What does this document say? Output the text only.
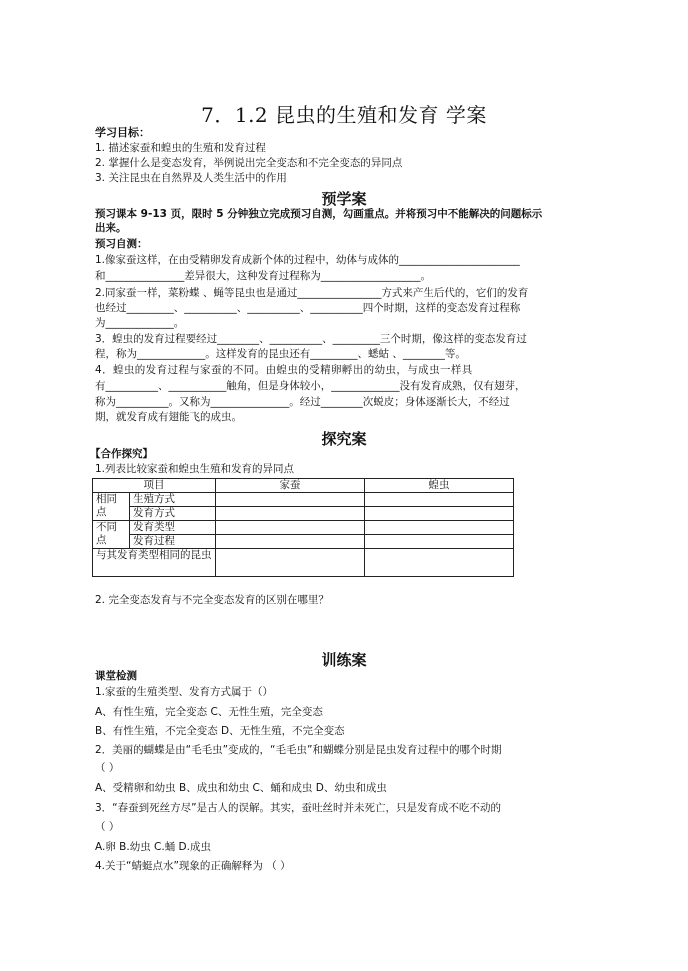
7．1.2 昆虫的生殖和发育 学案
学习目标：
1. 描述家蚕和蝗虫的生殖和发育过程
2. 掌握什么是变态发育，举例说出完全变态和不完全变态的异同点
3. 关注昆虫在自然界及人类生活中的作用
预学案
预习课本 9-13 页，限时 5 分钟独立完成预习自测，勾画重点。并将预习中不能解决的问题标示
出来。
预习自测：
1.像家蚕这样，在由受精卵发育成新个体的过程中，幼体与成体的_______________________
和_______________差异很大，这种发育过程称为___________________。
2.同家蚕一样，菜粉蝶 、蝇等昆虫也是通过________________方式来产生后代的，它们的发育
也经过_________、__________、__________、__________四个时期，这样的变态发育过程称
为_____________。
3．蝗虫的发育过程要经过________、__________、_________三个时期，像这样的变态发育过
程，称为_____________。这样发育的昆虫还有_________、蟋蛄 、________等。
4．蝗虫的发育过程与家蚕的不同。由蝗虫的受精卵孵出的幼虫，与成虫一样具
有__________、___________触角，但是身体较小，_____________没有发育成熟，仅有翅芽，
称为__________。又称为_______________。经过________次蜕皮；身体逐渐长大，不经过
期，就发育成有翅能飞的成虫。
探究案
【合作探究】
1.列表比较家蚕和蝗虫生殖和发育的异同点
项目		家蚕	蝗虫
相同点	生殖方式		
	发育方式		
不同点	发育类型		
	发育过程		
与其发育类型相同的昆虫			
2. 完全变态发育与不完全变态发育的区别在哪里？
训练案
课堂检测
1.家蚕的生殖类型、发育方式属于（）
A、有性生殖，完全变态 C、无性生殖，完全变态
B、有性生殖，不完全变态 D、无性生殖，不完全变态
2．美丽的蝴蝶是由“毛毛虫”变成的，“毛毛虫”和蝴蝶分别是昆虫发育过程中的哪个时期
（ ）
A、受精卵和幼虫 B、成虫和幼虫 C、蛹和成虫 D、幼虫和成虫
3．“春蚕到死丝方尽”是古人的误解。其实，蚕吐丝时并未死亡，只是发育成不吃不动的
（ ）
A.卵 B.幼虫 C.蛹 D.成虫
4.关于“蜻蜓点水”现象的正确解释为 （ ）
